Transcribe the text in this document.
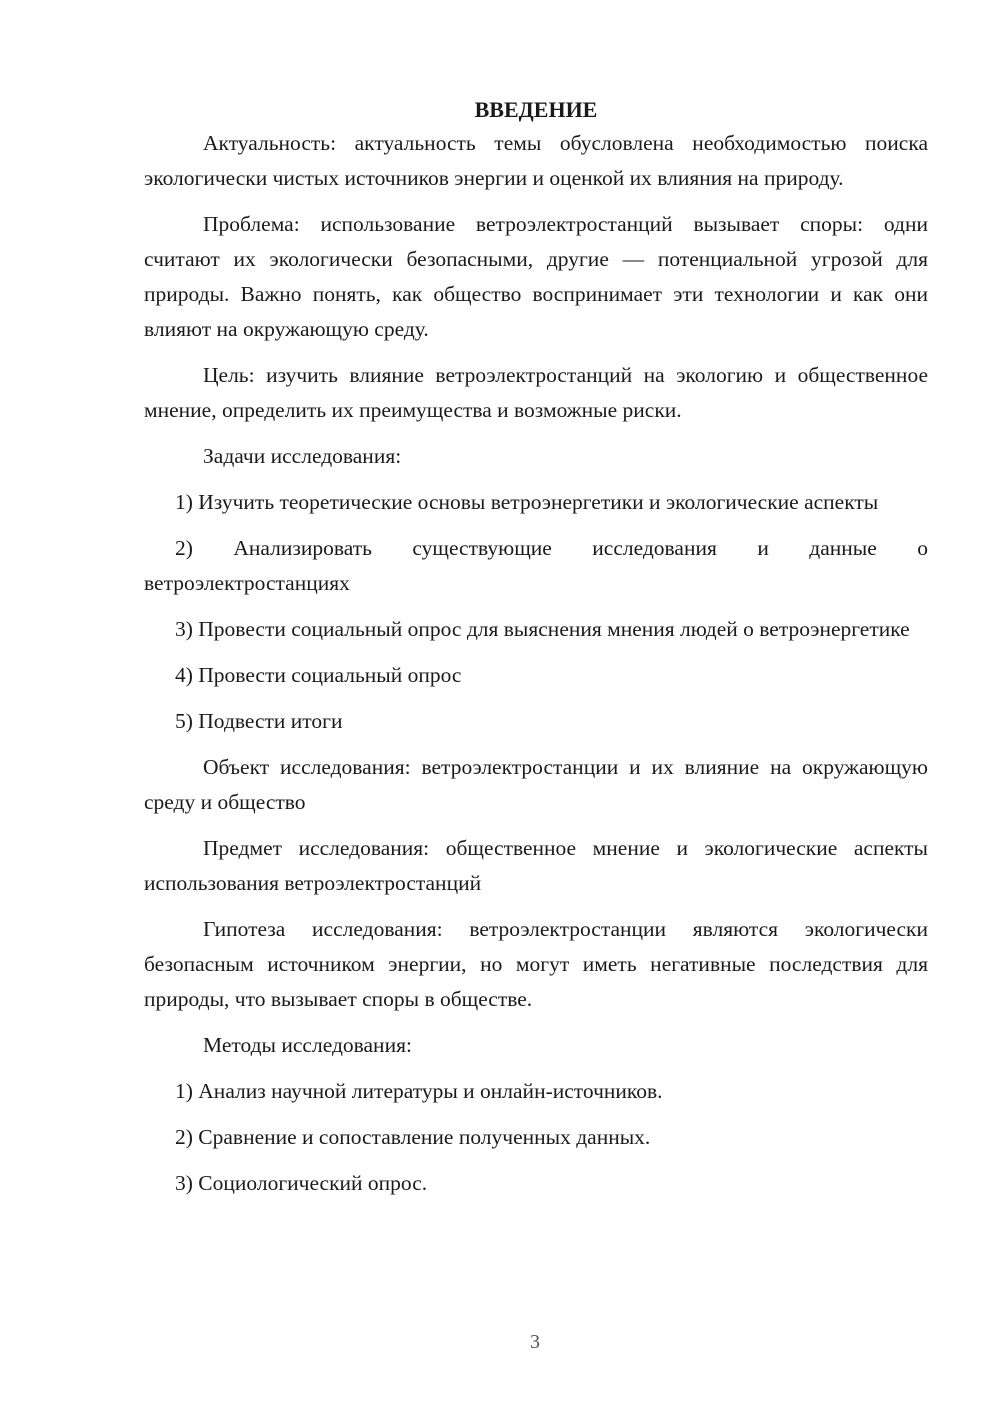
ВВЕДЕНИЕ

Актуальность: актуальность темы обусловлена необходимостью поиска экологически чистых источников энергии и оценкой их влияния на природу.

Проблема: использование ветроэлектростанций вызывает споры: одни считают их экологически безопасными, другие — потенциальной угрозой для природы. Важно понять, как общество воспринимает эти технологии и как они влияют на окружающую среду.

Цель: изучить влияние ветроэлектростанций на экологию и общественное мнение, определить их преимущества и возможные риски.

Задачи исследования:

1) Изучить теоретические основы ветроэнергетики и экологические аспекты

2) Анализировать существующие исследования и данные о ветроэлектростанциях

3) Провести социальный опрос для выяснения мнения людей о ветроэнергетике

4) Провести социальный опрос

5) Подвести итоги

Объект исследования: ветроэлектростанции и их влияние на окружающую среду и общество

Предмет исследования: общественное мнение и экологические аспекты использования ветроэлектростанций

Гипотеза исследования: ветроэлектростанции являются экологически безопасным источником энергии, но могут иметь негативные последствия для природы, что вызывает споры в обществе.

Методы исследования:

1) Анализ научной литературы и онлайн-источников.

2) Сравнение и сопоставление полученных данных.

3) Социологический опрос.

3
